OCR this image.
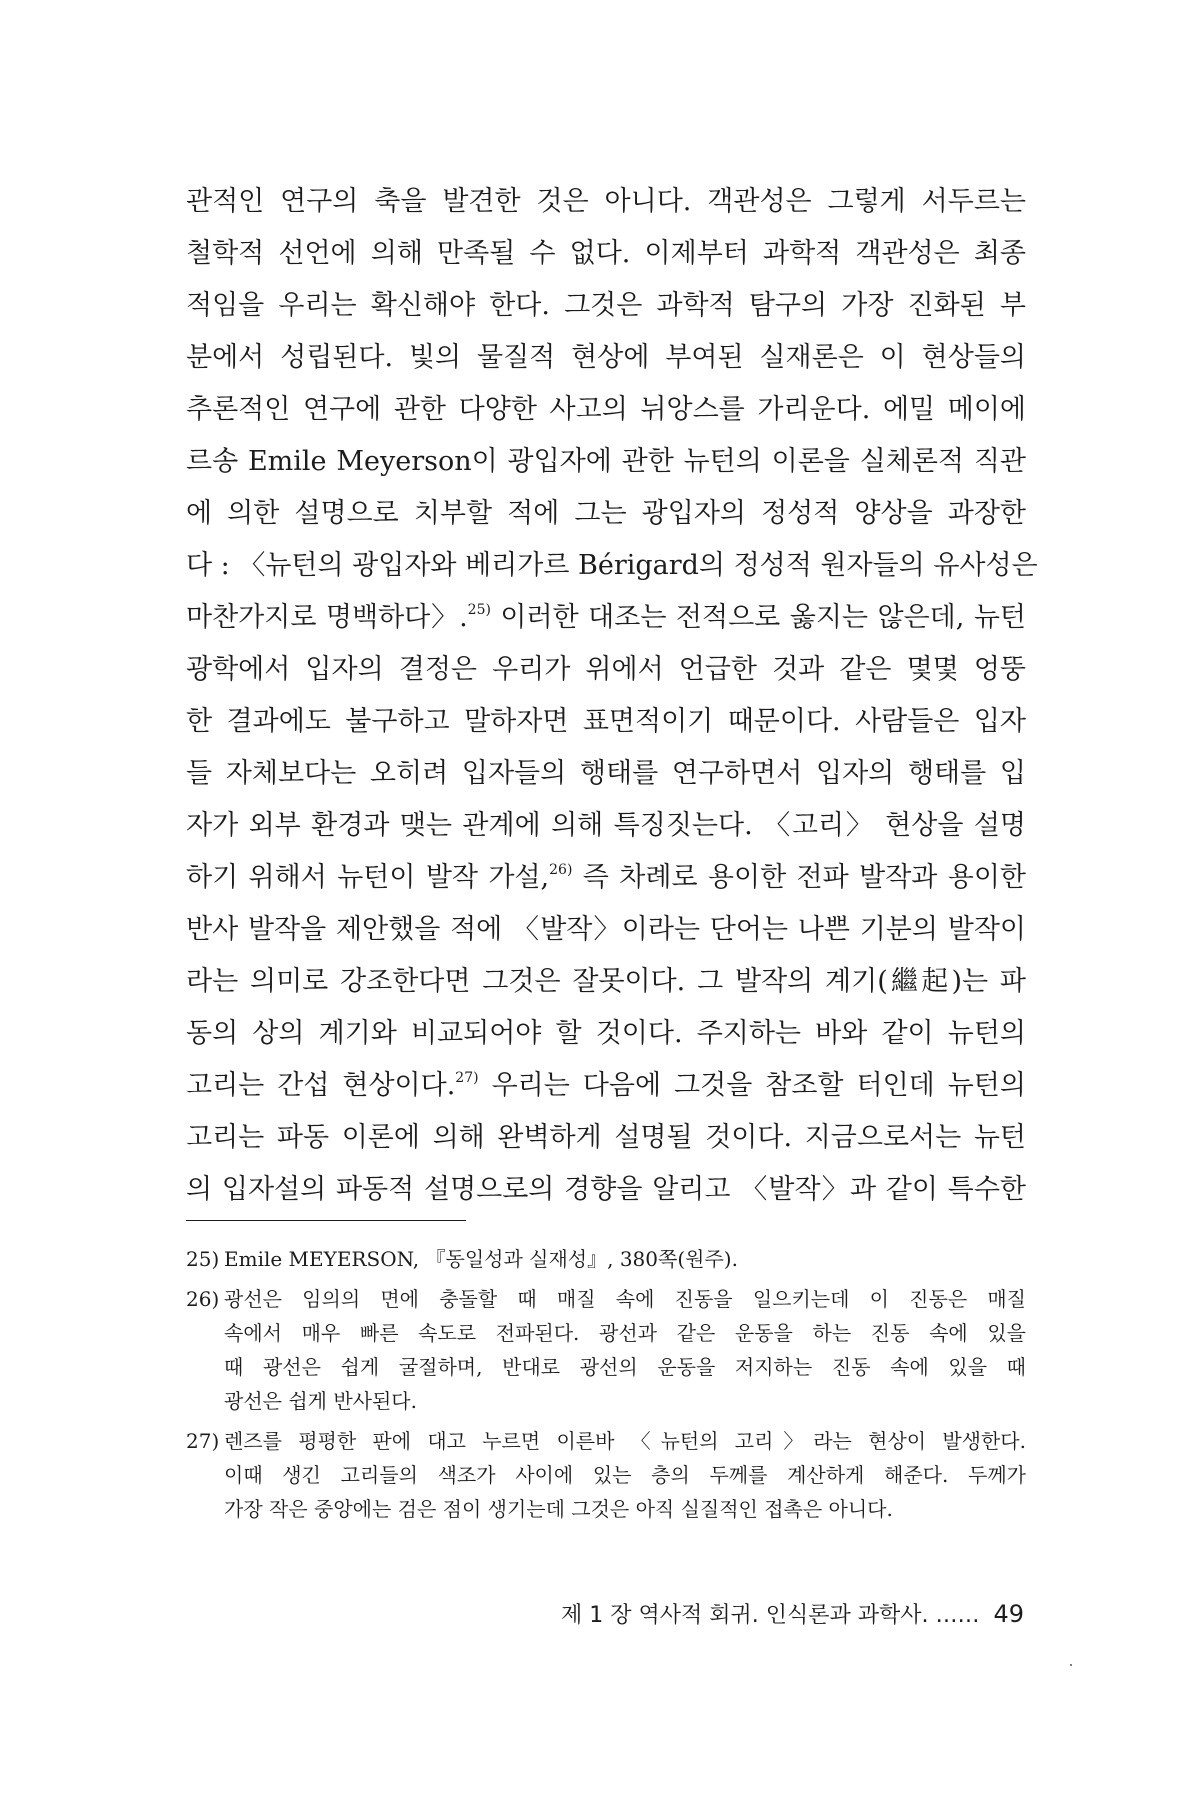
관적인 연구의 축을 발견한 것은 아니다. 객관성은 그렇게 서두르는
철학적 선언에 의해 만족될 수 없다. 이제부터 과학적 객관성은 최종
적임을 우리는 확신해야 한다. 그것은 과학적 탐구의 가장 진화된 부
분에서 성립된다. 빛의 물질적 현상에 부여된 실재론은 이 현상들의
추론적인 연구에 관한 다양한 사고의 뉘앙스를 가리운다. 에밀 메이에
르송 Emile Meyerson이 광입자에 관한 뉴턴의 이론을 실체론적 직관
에 의한 설명으로 치부할 적에 그는 광입자의 정성적 양상을 과장한
다 : 〈뉴턴의 광입자와 베리가르 Bérigard의 정성적 원자들의 유사성은
마찬가지로 명백하다〉.$^{25)}$ 이러한 대조는 전적으로 옳지는 않은데, 뉴턴
광학에서 입자의 결정은 우리가 위에서 언급한 것과 같은 몇몇 엉뚱
한 결과에도 불구하고 말하자면 표면적이기 때문이다. 사람들은 입자
들 자체보다는 오히려 입자들의 행태를 연구하면서 입자의 행태를 입
자가 외부 환경과 맺는 관계에 의해 특징짓는다. 〈고리〉 현상을 설명
하기 위해서 뉴턴이 발작 가설,$^{26)}$ 즉 차례로 용이한 전파 발작과 용이한
반사 발작을 제안했을 적에 〈발작〉이라는 단어는 나쁜 기분의 발작이
라는 의미로 강조한다면 그것은 잘못이다. 그 발작의 계기(繼起)는 파
동의 상의 계기와 비교되어야 할 것이다. 주지하는 바와 같이 뉴턴의
고리는 간섭 현상이다.$^{27)}$ 우리는 다음에 그것을 참조할 터인데 뉴턴의
고리는 파동 이론에 의해 완벽하게 설명될 것이다. 지금으로서는 뉴턴
의 입자설의 파동적 설명으로의 경향을 알리고 〈발작〉과 같이 특수한
25) Emile MEYERSON, 『동일성과 실재성』, 380쪽(원주).
26) 광선은 임의의 면에 충돌할 때 매질 속에 진동을 일으키는데 이 진동은 매질
속에서 매우 빠른 속도로 전파된다. 광선과 같은 운동을 하는 진동 속에 있을
때 광선은 쉽게 굴절하며, 반대로 광선의 운동을 저지하는 진동 속에 있을 때
광선은 쉽게 반사된다.
27) 렌즈를 평평한 판에 대고 누르면 이른바 〈뉴턴의 고리〉라는 현상이 발생한다.
이때 생긴 고리들의 색조가 사이에 있는 층의 두께를 계산하게 해준다. 두께가
가장 작은 중앙에는 검은 점이 생기는데 그것은 아직 실질적인 접촉은 아니다.
제 1 장 역사적 회귀. 인식론과 과학사. …… 49
